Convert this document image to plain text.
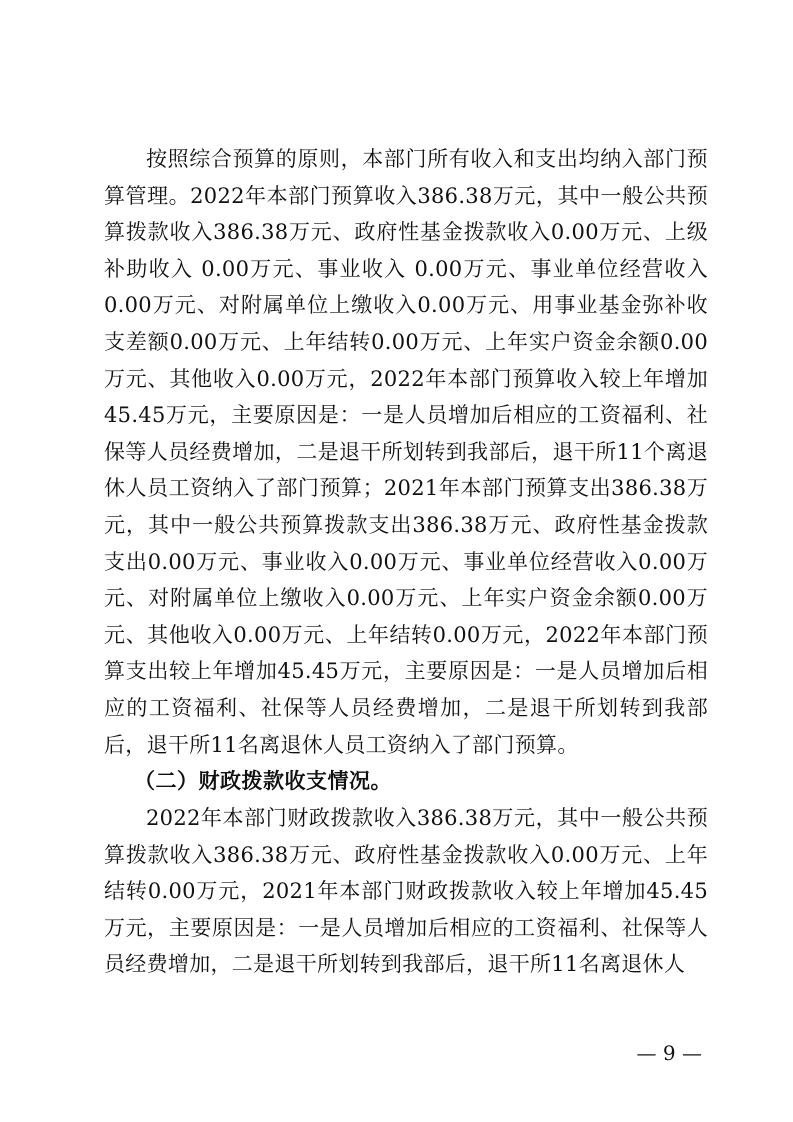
按照综合预算的原则，本部门所有收入和支出均纳入部门预算管理。2022年本部门预算收入386.38万元，其中一般公共预算拨款收入386.38万元、政府性基金拨款收入0.00万元、上级补助收入 0.00万元、事业收入 0.00万元、事业单位经营收入0.00万元、对附属单位上缴收入0.00万元、用事业基金弥补收支差额0.00万元、上年结转0.00万元、上年实户资金余额0.00万元、其他收入0.00万元，2022年本部门预算收入较上年增加45.45万元，主要原因是：一是人员增加后相应的工资福利、社保等人员经费增加，二是退干所划转到我部后，退干所11个离退休人员工资纳入了部门预算；2021年本部门预算支出386.38万元，其中一般公共预算拨款支出386.38万元、政府性基金拨款支出0.00万元、事业收入0.00万元、事业单位经营收入0.00万元、对附属单位上缴收入0.00万元、上年实户资金余额0.00万元、其他收入0.00万元、上年结转0.00万元，2022年本部门预算支出较上年增加45.45万元，主要原因是：一是人员增加后相应的工资福利、社保等人员经费增加，二是退干所划转到我部后，退干所11名离退休人员工资纳入了部门预算。

（二）财政拨款收支情况。

2022年本部门财政拨款收入386.38万元，其中一般公共预算拨款收入386.38万元、政府性基金拨款收入0.00万元、上年结转0.00万元，2021年本部门财政拨款收入较上年增加45.45万元，主要原因是：一是人员增加后相应的工资福利、社保等人员经费增加，二是退干所划转到我部后，退干所11名离退休人

— 9 —
